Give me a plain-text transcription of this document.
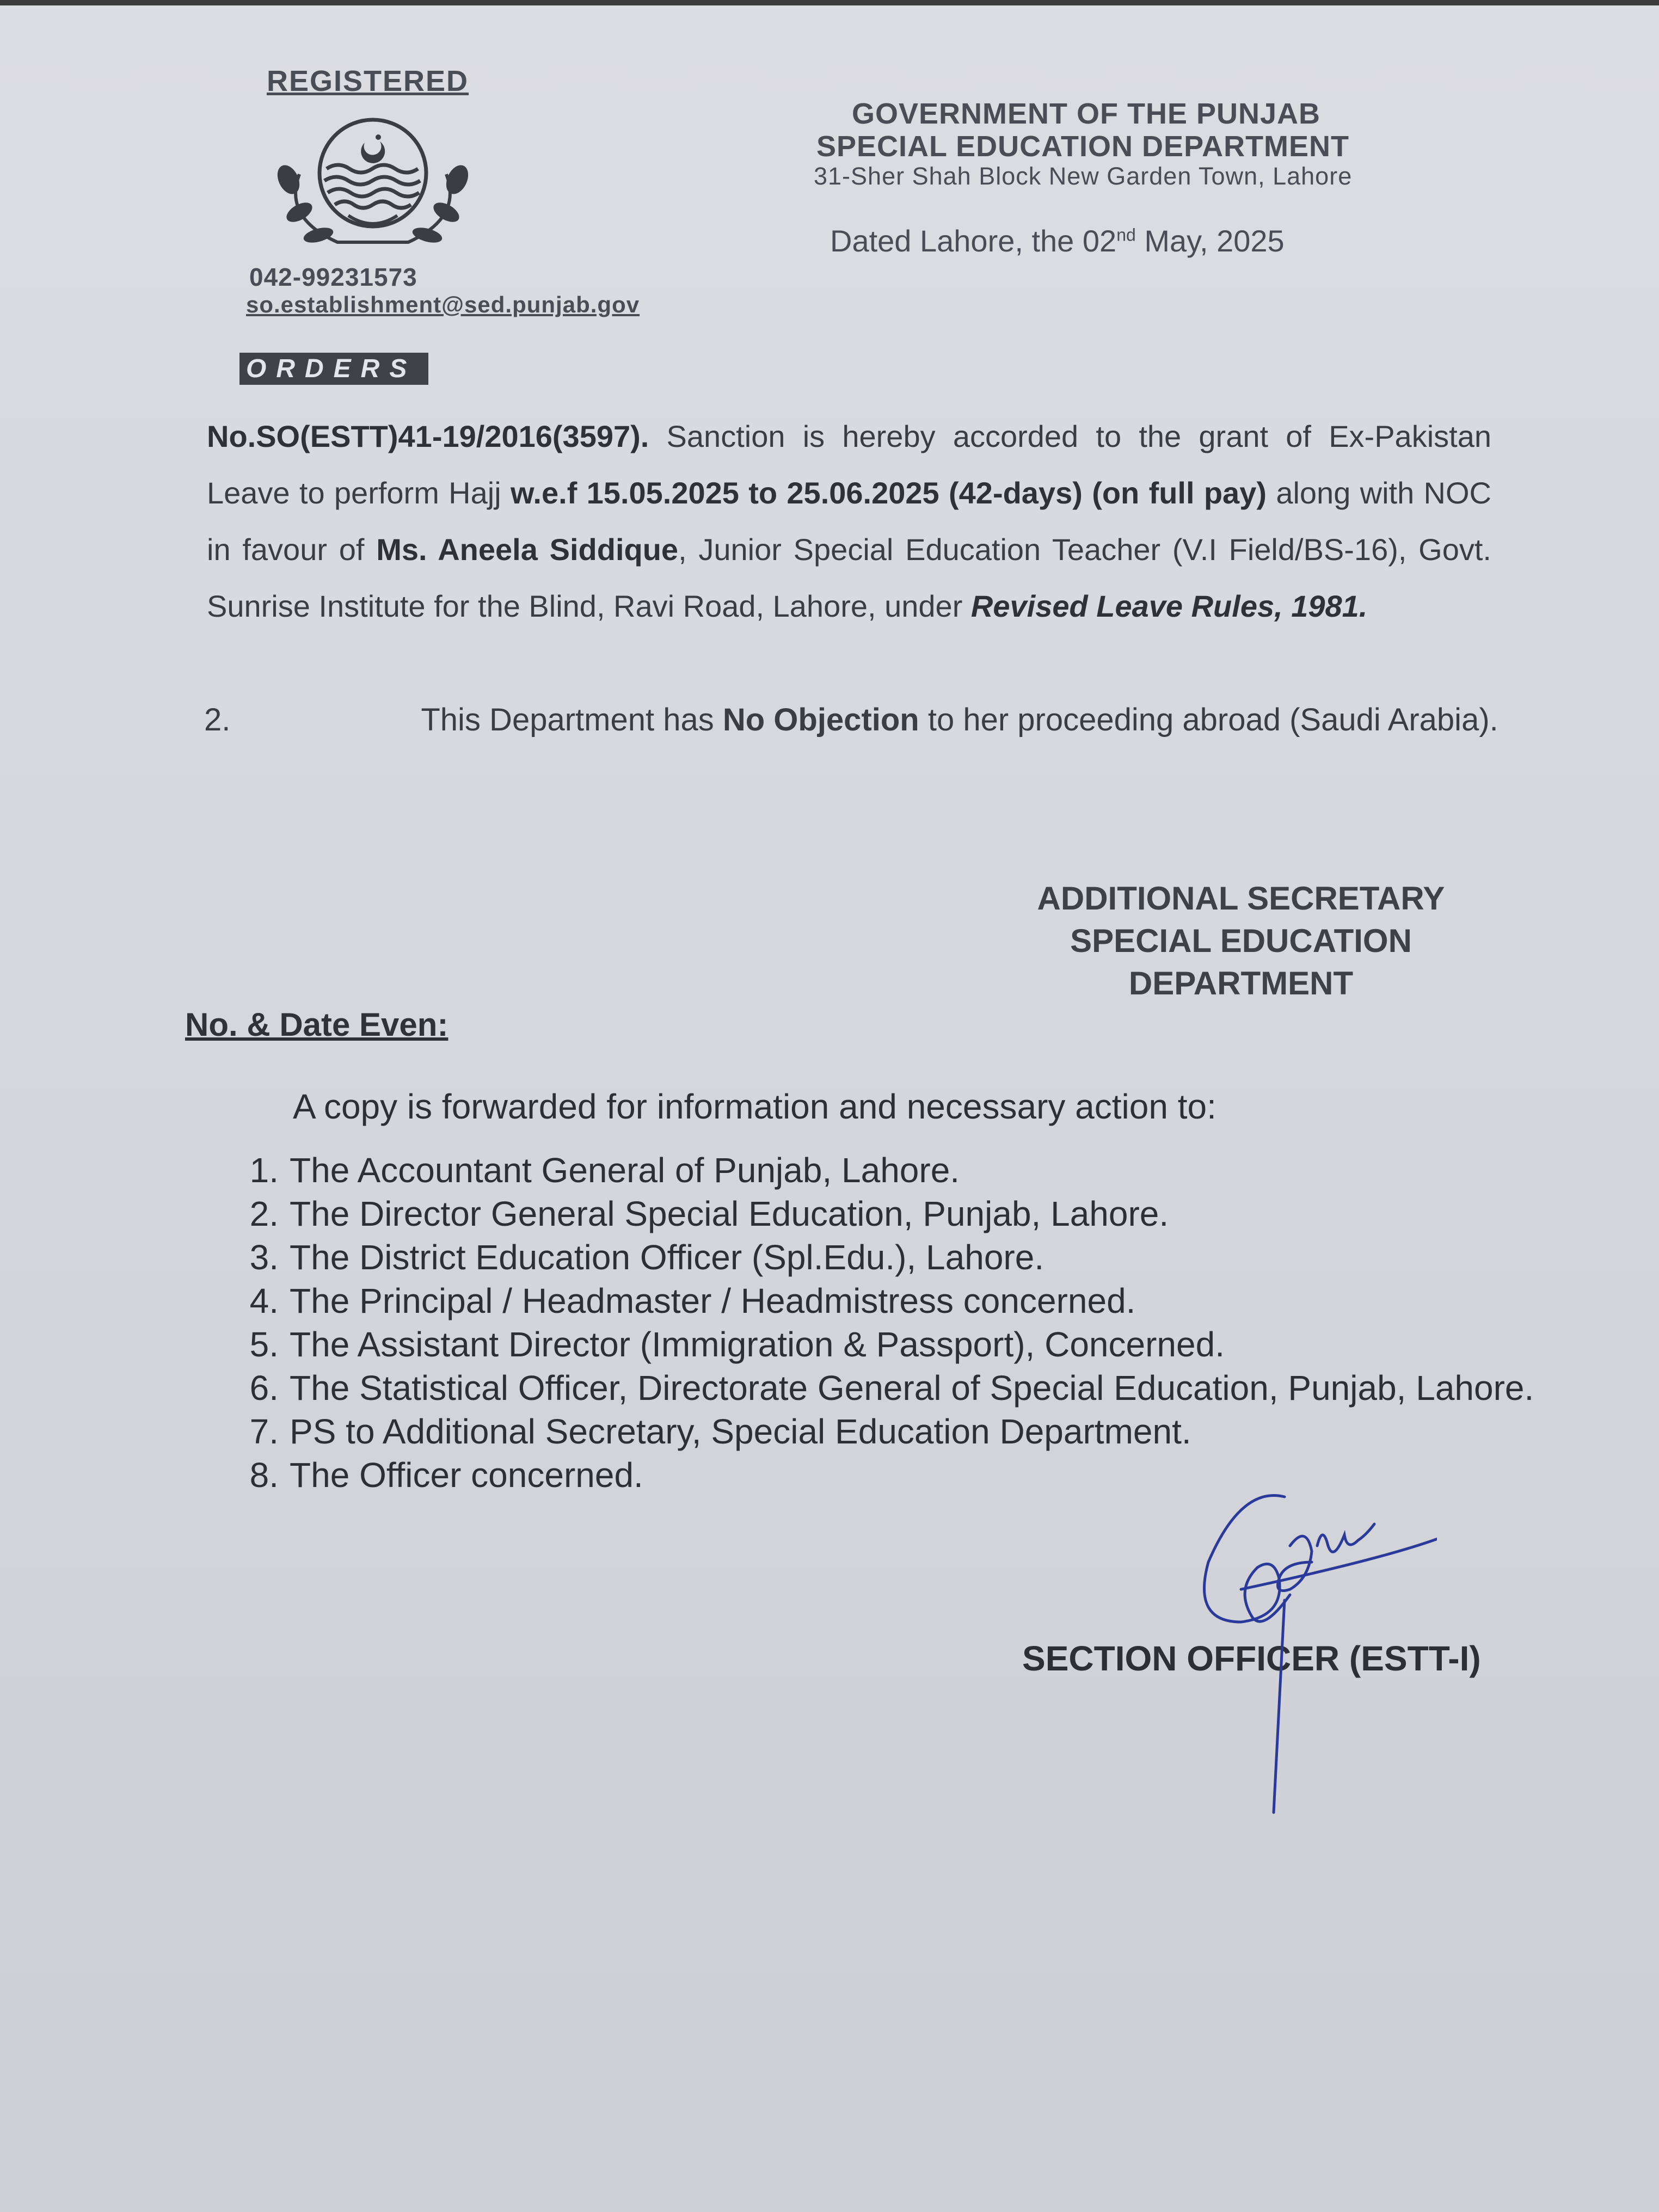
REGISTERED
042-99231573
so.establishment@sed.punjab.gov
GOVERNMENT OF THE PUNJAB
SPECIAL EDUCATION DEPARTMENT
31-Sher Shah Block New Garden Town, Lahore
Dated Lahore, the 02nd May, 2025
ORDERS
No.SO(ESTT)41-19/2016(3597). Sanction is hereby accorded to the grant of Ex-Pakistan Leave to perform Hajj w.e.f 15.05.2025 to 25.06.2025 (42-days) (on full pay) along with NOC in favour of Ms. Aneela Siddique, Junior Special Education Teacher (V.I Field/BS-16), Govt. Sunrise Institute for the Blind, Ravi Road, Lahore, under Revised Leave Rules, 1981.
2.	This Department has No Objection to her proceeding abroad (Saudi Arabia).
ADDITIONAL SECRETARY
SPECIAL EDUCATION
DEPARTMENT
No. & Date Even:
A copy is forwarded for information and necessary action to:
1. The Accountant General of Punjab, Lahore.
2. The Director General Special Education, Punjab, Lahore.
3. The District Education Officer (Spl.Edu.), Lahore.
4. The Principal / Headmaster / Headmistress concerned.
5. The Assistant Director (Immigration & Passport), Concerned.
6. The Statistical Officer, Directorate General of Special Education, Punjab, Lahore.
7. PS to Additional Secretary, Special Education Department.
8. The Officer concerned.
SECTION OFFICER (ESTT-I)
